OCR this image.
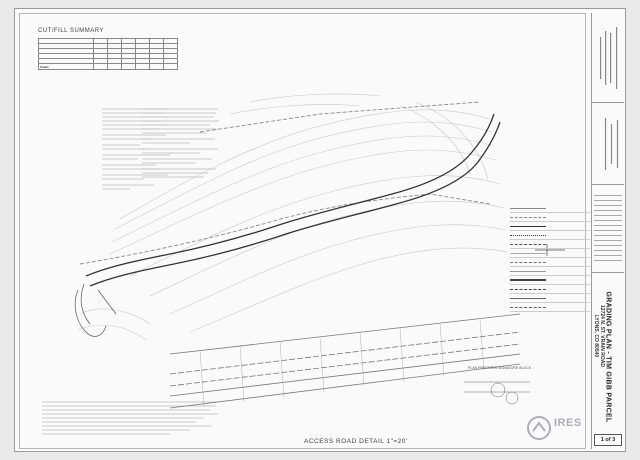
CUT/FILL SUMMARY

Totals						
PLAN PREPARER SIGNATURE BLOCK
ACCESS ROAD DETAIL 1"=20'
IRES
GRADING PLAN - TIM GIBB PARCEL
12724 N. ST. VRAIN ROAD
LYONS, CO 80540
1 of 3
